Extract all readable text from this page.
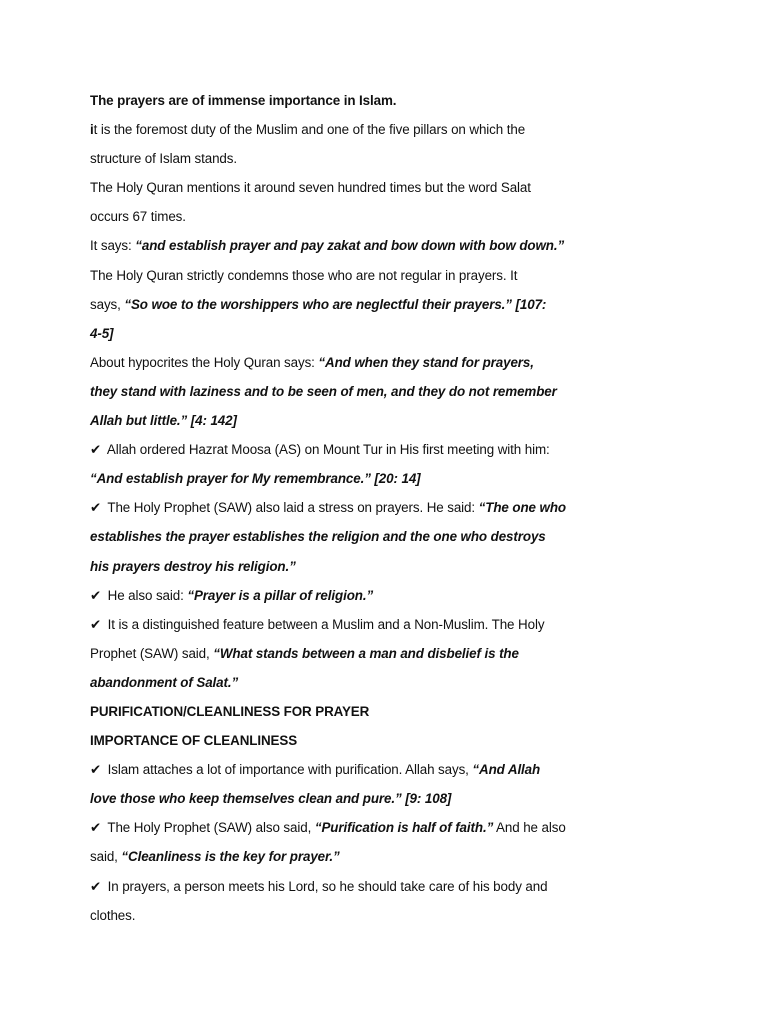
The prayers are of immense importance in Islam.
it is the foremost duty of the Muslim and one of the five pillars on which the
structure of Islam stands.
The Holy Quran mentions it around seven hundred times but the word Salat
occurs 67 times.
It says: “and establish prayer and pay zakat and bow down with bow down.”
The Holy Quran strictly condemns those who are not regular in prayers. It
says, “So woe to the worshippers who are neglectful their prayers.” [107:
4-5]
About hypocrites the Holy Quran says: “And when they stand for prayers,
they stand with laziness and to be seen of men, and they do not remember
Allah but little.” [4: 142]
✔ Allah ordered Hazrat Moosa (AS) on Mount Tur in His first meeting with him:
“And establish prayer for My remembrance.” [20: 14]
✔ The Holy Prophet (SAW) also laid a stress on prayers. He said: “The one who
establishes the prayer establishes the religion and the one who destroys
his prayers destroy his religion.”
✔ He also said: “Prayer is a pillar of religion.”
✔ It is a distinguished feature between a Muslim and a Non-Muslim. The Holy
Prophet (SAW) said, “What stands between a man and disbelief is the
abandonment of Salat.”
PURIFICATION/CLEANLINESS FOR PRAYER
IMPORTANCE OF CLEANLINESS
✔ Islam attaches a lot of importance with purification. Allah says, “And Allah
love those who keep themselves clean and pure.” [9: 108]
✔ The Holy Prophet (SAW) also said, “Purification is half of faith.” And he also
said, “Cleanliness is the key for prayer.”
✔ In prayers, a person meets his Lord, so he should take care of his body and
clothes.
